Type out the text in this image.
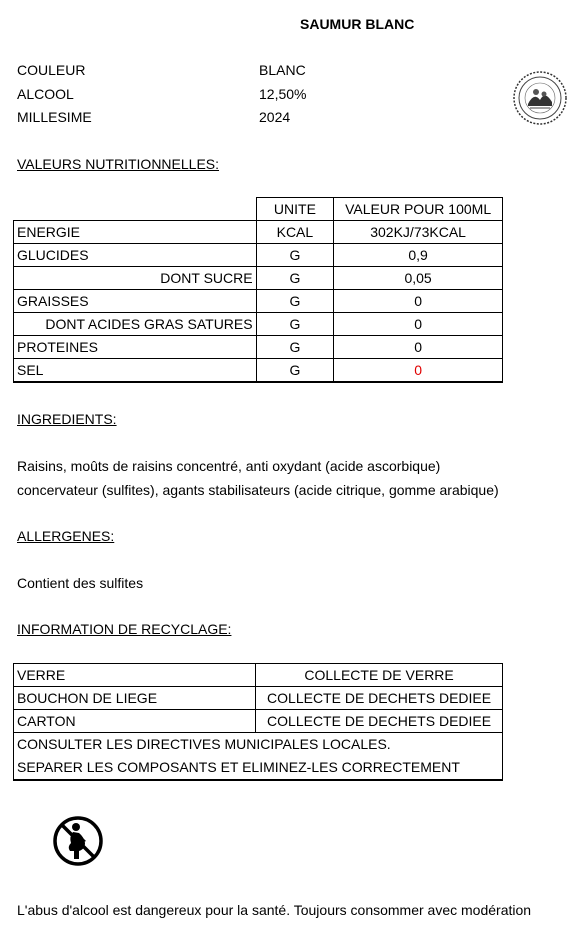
SAUMUR BLANC
COULEUR	BLANC
ALCOOL	12,50%
MILLESIME	2024
VALEURS NUTRITIONNELLES:
	UNITE	VALEUR POUR 100ML
ENERGIE	KCAL	302KJ/73KCAL
GLUCIDES	G	0,9
DONT SUCRE	G	0,05
GRAISSES	G	0
DONT ACIDES GRAS SATURES	G	0
PROTEINES	G	0
SEL	G	0
INGREDIENTS:
Raisins, moûts de raisins concentré, anti oxydant (acide ascorbique)
concervateur (sulfites), agants stabilisateurs (acide citrique, gomme arabique)
ALLERGENES:
Contient des sulfites
INFORMATION DE RECYCLAGE:
VERRE	COLLECTE DE VERRE
BOUCHON DE LIEGE	COLLECTE DE DECHETS DEDIEE
CARTON	COLLECTE DE DECHETS DEDIEE

CONSULTER LES DIRECTIVES MUNICIPALES LOCALES.
SEPARER LES COMPOSANTS ET ELIMINEZ-LES CORRECTEMENT	
L'abus d'alcool est dangereux pour la santé. Toujours consommer avec modération
